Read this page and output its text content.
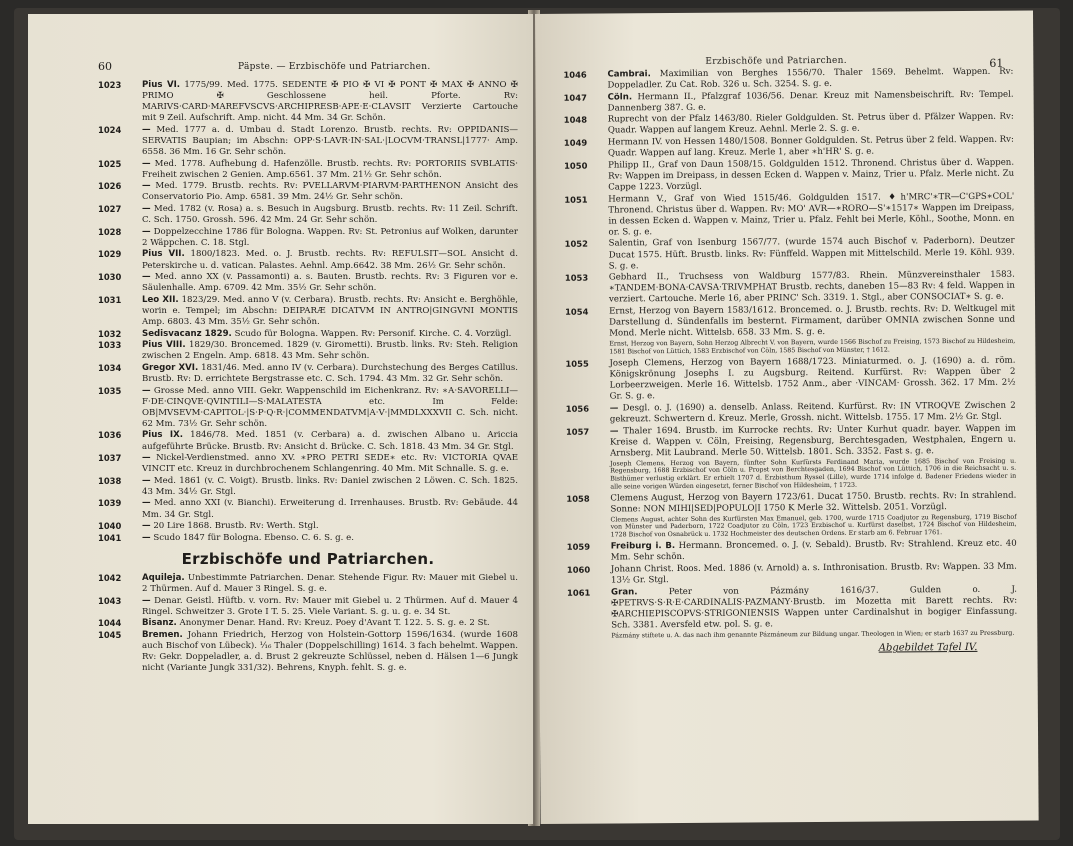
60	Päpste. — Erzbischöfe und Patriarchen.
1023	Pius VI. 1775/99. Med. 1775. SEDENTE ✠ PIO ✠ VI ✠ PONT ✠ MAX ✠ ANNO ✠ PRIMO ✠ Geschlossene heil. Pforte. Rv: MARIVS·CARD·MAREFVSCVS·ARCHIPRESB·APE·E·CLAVSIT Verzierte Cartouche mit 9 Zeil. Aufschrift. Amp. nicht. 44 Mm. 34 Gr. Schön.
1024	— Med. 1777 a. d. Umbau d. Stadt Lorenzo. Brustb. rechts. Rv: OPPIDANIS—SERVATIS Baupian; im Abschn: OPP·S·LAVR·IN·SAL·|LOCVM·TRANSL|1777· Amp. 6558. 36 Mm. 16 Gr. Sehr schön.
1025	— Med. 1778. Aufhebung d. Hafenzölle. Brustb. rechts. Rv: PORTORIIS SVBLATIS· Freiheit zwischen 2 Genien. Amp.6561. 37 Mm. 21½ Gr. Sehr schön.
1026	— Med. 1779. Brustb. rechts. Rv: PVELLARVM·PIARVM·PARTHENON Ansicht des Conservatorio Pio. Amp. 6581. 39 Mm. 24½ Gr. Sehr schön.
1027	— Med. 1782 (v. Rosa) a. s. Besuch in Augsburg. Brustb. rechts. Rv: 11 Zeil. Schrift. C. Sch. 1750. Grossh. 596. 42 Mm. 24 Gr. Sehr schön.
1028	— Doppelzecchine 1786 für Bologna. Wappen. Rv: St. Petronius auf Wolken, darunter 2 Wäppchen. C. 18. Stgl.
1029	Pius VII. 1800/1823. Med. o. J. Brustb. rechts. Rv: REFULSIT—SOL Ansicht d. Peterskirche u. d. vatican. Palastes. Aehnl. Amp.6642. 38 Mm. 26½ Gr. Sehr schön.
1030	— Med. anno XX (v. Passamonti) a. s. Bauten. Brustb. rechts. Rv: 3 Figuren vor e. Säulenhalle. Amp. 6709. 42 Mm. 35½ Gr. Sehr schön.
1031	Leo XII. 1823/29. Med. anno V (v. Cerbara). Brustb. rechts. Rv: Ansicht e. Berghöhle, worin e. Tempel; im Abschn: DEIPARÆ DICATVM IN ANTRO|GINGVNI MONTIS Amp. 6803. 43 Mm. 35½ Gr. Sehr schön.
1032	Sedisvacanz 1829. Scudo für Bologna. Wappen. Rv: Personif. Kirche. C. 4. Vorzügl.
1033	Pius VIII. 1829/30. Broncemed. 1829 (v. Girometti). Brustb. links. Rv: Steh. Religion zwischen 2 Engeln. Amp. 6818. 43 Mm. Sehr schön.
1034	Gregor XVI. 1831/46. Med. anno IV (v. Cerbara). Durchstechung des Berges Catillus. Brustb. Rv: D. errichtete Bergstrasse etc. C. Sch. 1794. 43 Mm. 32 Gr. Sehr schön.
1035	— Grosse Med. anno VIII. Gekr. Wappenschild im Eichenkranz. Rv: ∗A·SAVORELLI—F·DE·CINQVE·QVINTILI—S·MALATESTA etc. Im Felde: OB|MVSEVM·CAPITOL·|S·P·Q·R·|COMMENDATVM|A·V·|MMDLXXXVII C. Sch. nicht. 62 Mm. 73½ Gr. Sehr schön.
1036	Pius IX. 1846/78. Med. 1851 (v. Cerbara) a. d. zwischen Albano u. Ariccia aufgeführte Brücke. Brustb. Rv: Ansicht d. Brücke. C. Sch. 1818. 43 Mm. 34 Gr. Stgl.
1037	— Nickel-Verdienstmed. anno XV. ∗PRO PETRI SEDE∗ etc. Rv: VICTORIA QVAE VINCIT etc. Kreuz in durchbrochenem Schlangenring. 40 Mm. Mit Schnalle. S. g. e.
1038	— Med. 1861 (v. C. Voigt). Brustb. links. Rv: Daniel zwischen 2 Löwen. C. Sch. 1825. 43 Mm. 34½ Gr. Stgl.
1039	— Med. anno XXI (v. Bianchi). Erweiterung d. Irrenhauses. Brustb. Rv: Gebäude. 44 Mm. 34 Gr. Stgl.
1040	— 20 Lire 1868. Brustb. Rv: Werth. Stgl.
1041	— Scudo 1847 für Bologna. Ebenso. C. 6. S. g. e.
Erzbischöfe und Patriarchen.
1042	Aquileja. Unbestimmte Patriarchen. Denar. Stehende Figur. Rv: Mauer mit Giebel u. 2 Thürmen. Auf d. Mauer 3 Ringel. S. g. e.
1043	— Denar. Geistl. Hüftb. v. vorn. Rv: Mauer mit Giebel u. 2 Thürmen. Auf d. Mauer 4 Ringel. Schweitzer 3. Grote I T. 5. 25. Viele Variant. S. g. u. g. e. 34 St.
1044	Bisanz. Anonymer Denar. Hand. Rv: Kreuz. Poey d'Avant T. 122. 5. S. g. e. 2 St.
1045	Bremen. Johann Friedrich, Herzog von Holstein-Gottorp 1596/1634. (wurde 1608 auch Bischof von Lübeck). ¹⁄₁₆ Thaler (Doppelschilling) 1614. 3 fach behelmt. Wappen. Rv: Gekr. Doppeladler, a. d. Brust 2 gekreuzte Schlüssel, neben d. Hälsen 1—6 Jungk nicht (Variante Jungk 331/32). Behrens, Knyph. fehlt. S. g. e.
Erzbischöfe und Patriarchen.	61
1046	Cambrai. Maximilian von Berghes 1556/70. Thaler 1569. Behelmt. Wappen. Rv: Doppeladler. Zu Cat. Rob. 326 u. Sch. 3254. S. g. e.
1047	Cöln. Hermann II., Pfalzgraf 1036/56. Denar. Kreuz mit Namensbeischrift. Rv: Tempel. Dannenberg 387. G. e.
1048	Ruprecht von der Pfalz 1463/80. Rieler Goldgulden. St. Petrus über d. Pfälzer Wappen. Rv: Quadr. Wappen auf langem Kreuz. Aehnl. Merle 2. S. g. e.
1049	Hermann IV. von Hessen 1480/1508. Bonner Goldgulden. St. Petrus über 2 feld. Wappen. Rv: Quadr. Wappen auf lang. Kreuz. Merle 1, aber ∗h'HR' S. g. e.
1050	Philipp II., Graf von Daun 1508/15. Goldgulden 1512. Thronend. Christus über d. Wappen. Rv: Wappen im Dreipass, in dessen Ecken d. Wappen v. Mainz, Trier u. Pfalz. Merle nicht. Zu Cappe 1223. Vorzügl.
1051	Hermann V., Graf von Wied 1515/46. Goldgulden 1517. ♦h'MRC'∗TR—C'GPS∗COL' Thronend. Christus über d. Wappen. Rv: MO' AVR—∗RORO—S'∗1517∗ Wappen im Dreipass, in dessen Ecken d. Wappen v. Mainz, Trier u. Pfalz. Fehlt bei Merle, Köhl., Soothe, Monn. en or. S. g. e.
1052	Salentin, Graf von Isenburg 1567/77. (wurde 1574 auch Bischof v. Paderborn). Deutzer Ducat 1575. Hüft. Brustb. links. Rv: Fünffeld. Wappen mit Mittelschild. Merle 19. Köhl. 939. S. g. e.
1053	Gebhard II., Truchsess von Waldburg 1577/83. Rhein. Münzvereinsthaler 1583. ∗TANDEM·BONA·CAVSA·TRIVMPHAT Brustb. rechts, daneben 15—83 Rv: 4 feld. Wappen in verziert. Cartouche. Merle 16, aber PRINC' Sch. 3319. 1. Stgl., aber CONSOCIAT∗ S. g. e.
1054	Ernst, Herzog von Bayern 1583/1612. Broncemed. o. J. Brustb. rechts. Rv: D. Weltkugel mit Darstellung d. Sündenfalls im besternt. Firmament, darüber OMNIA zwischen Sonne und Mond. Merle nicht. Wittelsb. 658. 33 Mm. S. g. e.
Ernst, Herzog von Bayern, Sohn Herzog Albrecht V. von Bayern, wurde 1566 Bischof zu Freising, 1573 Bischof zu Hildesheim, 1581 Bischof von Lüttich, 1583 Erzbischof von Cöln, 1585 Bischof von Münster, † 1612.
1055	Joseph Clemens, Herzog von Bayern 1688/1723. Miniaturmed. o. J. (1690) a. d. röm. Königskrönung Josephs I. zu Augsburg. Reitend. Kurfürst. Rv: Wappen über 2 Lorbeerzweigen. Merle 16. Wittelsb. 1752 Anm., aber ·VINCAM· Grossh. 362. 17 Mm. 2½ Gr. S. g. e.
1056	— Desgl. o. J. (1690) a. denselb. Anlass. Reitend. Kurfürst. Rv: IN VTROQVE Zwischen 2 gekreuzt. Schwertern d. Kreuz. Merle, Grossh. nicht. Wittelsb. 1755. 17 Mm. 2½ Gr. Stgl.
1057	— Thaler 1694. Brustb. im Kurrocke rechts. Rv: Unter Kurhut quadr. bayer. Wappen im Kreise d. Wappen v. Cöln, Freising, Regensburg, Berchtesgaden, Westphalen, Engern u. Arnsberg. Mit Laubrand. Merle 50. Wittelsb. 1801. Sch. 3352. Fast s. g. e.
Joseph Clemens, Herzog von Bayern, fünfter Sohn Kurfürsts Ferdinand Maria, wurde 1685 Bischof von Freising u. Regensburg, 1688 Erzbischof von Cöln u. Propst von Berchtesgaden, 1694 Bischof von Lüttich, 1706 in die Reichsacht u. s. Bisthümer verlustig erklärt. Er erhielt 1707 d. Erzbisthum Ryssel (Lille), wurde 1714 infolge d. Badener Friedens wieder in alle seine vorigen Würden eingesetzt, ferner Bischof von Hildesheim, † 1723.
1058	Clemens August, Herzog von Bayern 1723/61. Ducat 1750. Brustb. rechts. Rv: In strahlend. Sonne: NON MIHI|SED|POPULO|I 1750 K Merle 32. Wittelsb. 2051. Vorzügl.
Clemens August, achter Sohn des Kurfürsten Max Emanuel, geb. 1700, wurde 1715 Coadjutor zu Regensburg, 1719 Bischof von Münster und Paderborn, 1722 Coadjutor zu Cöln, 1723 Erzbischof u. Kurfürst daselbst, 1724 Bischof von Hildesheim, 1728 Bischof von Osnabrück u. 1732 Hochmeister des deutschen Ordens. Er starb am 6. Februar 1761.
1059	Freiburg i. B. Hermann. Broncemed. o. J. (v. Sebald). Brustb. Rv: Strahlend. Kreuz etc. 40 Mm. Sehr schön.
1060	Johann Christ. Roos. Med. 1886 (v. Arnold) a. s. Inthronisation. Brustb. Rv: Wappen. 33 Mm. 13½ Gr. Stgl.
1061	Gran.	Peter von Pázmány 1616/37. Gulden o. J. ✠PETRVS·S·R·E·CARDINALIS·PAZMANY·Brustb. im Mozetta mit Barett rechts. Rv: ✠ARCHIEPISCOPVS·STRIGONIENSIS Wappen unter Cardinalshut in bogiger Einfassung. Sch. 3381. Aversfeld etw. pol. S. g. e.
Pázmány stiftete u. A. das nach ihm genannte Pázmáneum zur Bildung ungar. Theologen in Wien; er starb 1637 zu Pressburg.
Abgebildet Tafel IV.
